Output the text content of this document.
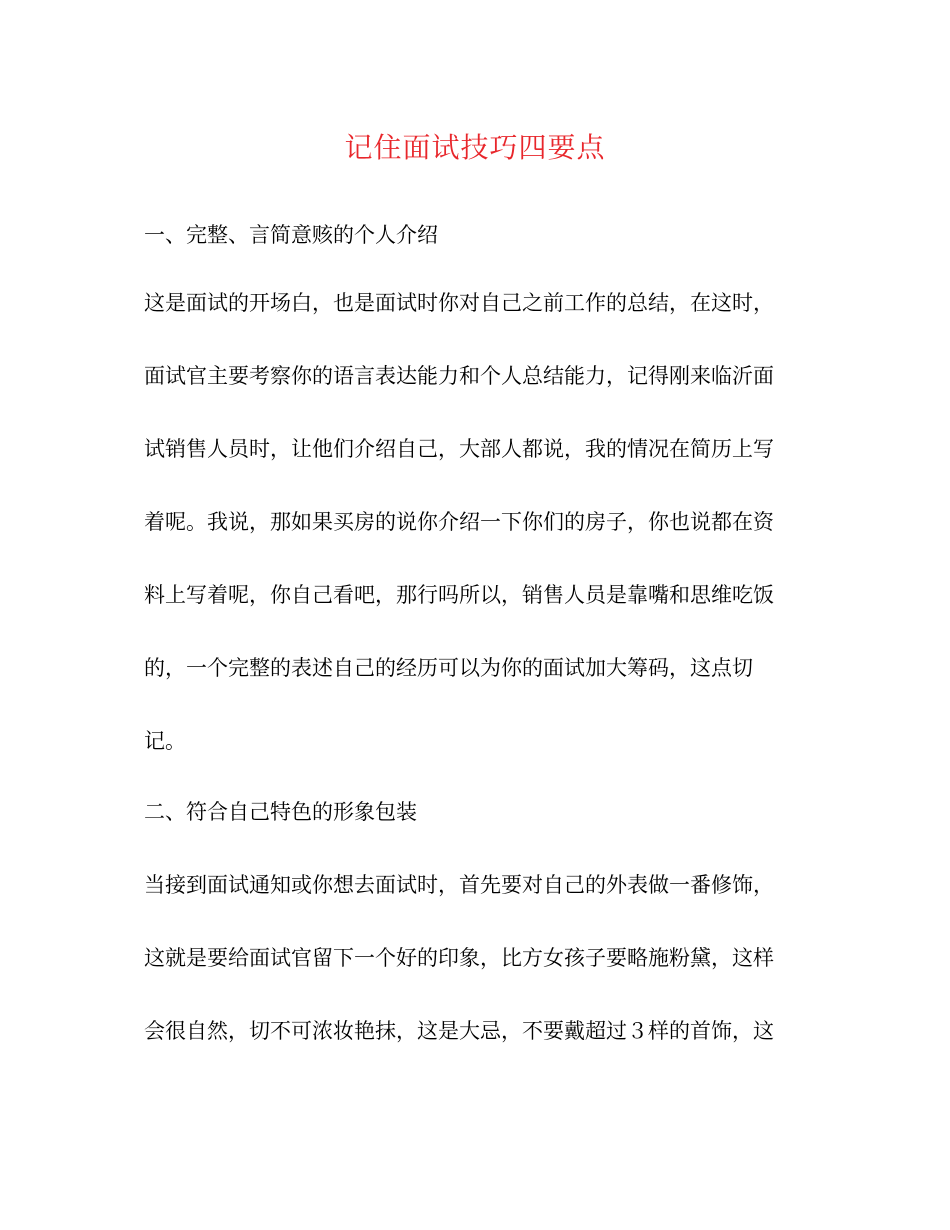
记住面试技巧四要点
一、完整、言简意赅的个人介绍
这是面试的开场白，也是面试时你对自己之前工作的总结，在这时，
面试官主要考察你的语言表达能力和个人总结能力，记得刚来临沂面
试销售人员时，让他们介绍自己，大部人都说，我的情况在简历上写
着呢。我说，那如果买房的说你介绍一下你们的房子，你也说都在资
料上写着呢，你自己看吧，那行吗所以，销售人员是靠嘴和思维吃饭
的，一个完整的表述自己的经历可以为你的面试加大筹码，这点切
记。
二、符合自己特色的形象包装
当接到面试通知或你想去面试时，首先要对自己的外表做一番修饰，
这就是要给面试官留下一个好的印象，比方女孩子要略施粉黛，这样
会很自然，切不可浓妆艳抹，这是大忌，不要戴超过３样的首饰，这
